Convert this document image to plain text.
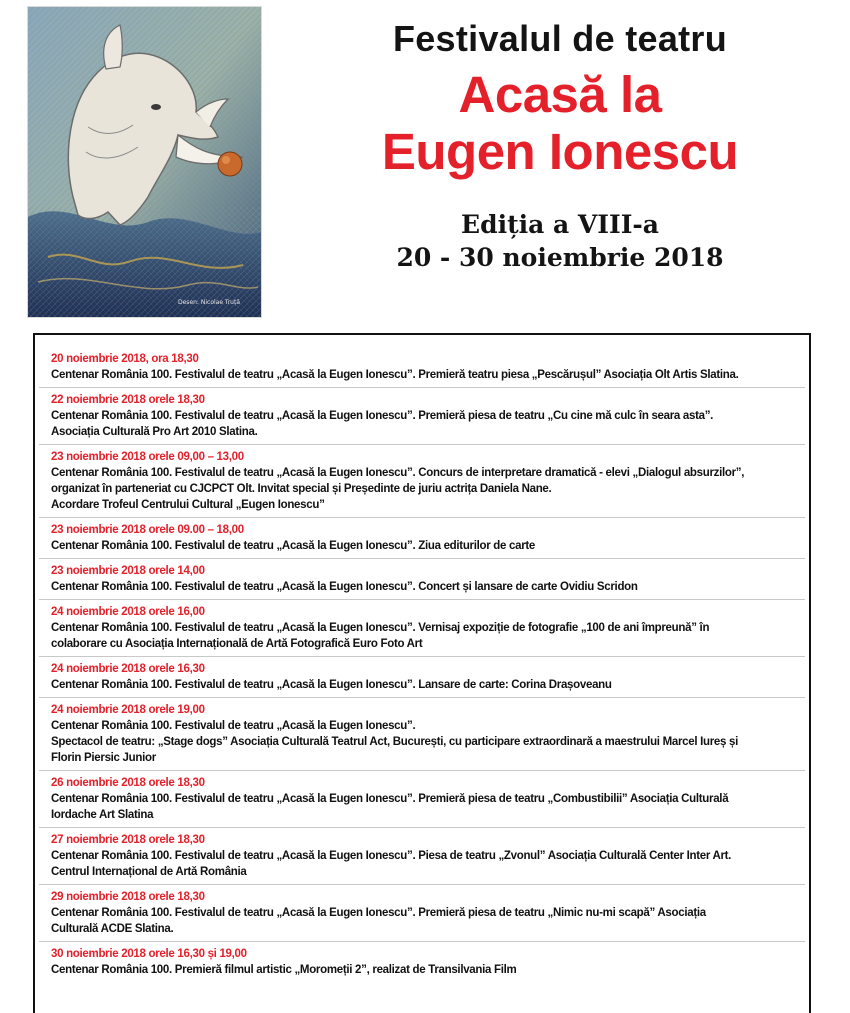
Desen: Nicolae Truță
Festivalul de teatru
Acasă la
Eugen Ionescu
Ediția a VIII-a
20 - 30 noiembrie 2018
20 noiembrie 2018, ora 18,30
Centenar România 100. Festivalul de teatru „Acasă la Eugen Ionescu”. Premieră teatru piesa „Pescărușul” Asociația Olt Artis Slatina.
22 noiembrie 2018 orele 18,30
Centenar România 100. Festivalul de teatru „Acasă la Eugen Ionescu”. Premieră piesa de teatru „Cu cine mă culc în seara asta”.
Asociația Culturală Pro Art 2010 Slatina.
23 noiembrie 2018 orele 09,00 – 13,00
Centenar România 100. Festivalul de teatru „Acasă la Eugen Ionescu”. Concurs de interpretare dramatică - elevi „Dialogul absurzilor”,
organizat în parteneriat cu CJCPCT Olt. Invitat special și Președinte de juriu actrița Daniela Nane.
Acordare Trofeul Centrului Cultural „Eugen Ionescu”
23 noiembrie 2018 orele 09.00 – 18,00
Centenar România 100. Festivalul de teatru „Acasă la Eugen Ionescu”. Ziua editurilor de carte
23 noiembrie 2018 orele 14,00
Centenar România 100. Festivalul de teatru „Acasă la Eugen Ionescu”. Concert și lansare de carte Ovidiu Scridon
24 noiembrie 2018 orele 16,00
Centenar România 100. Festivalul de teatru „Acasă la Eugen Ionescu”. Vernisaj expoziție de fotografie „100 de ani împreună” în
colaborare cu Asociația Internațională de Artă Fotografică Euro Foto Art
24 noiembrie 2018 orele 16,30
Centenar România 100. Festivalul de teatru „Acasă la Eugen Ionescu”. Lansare de carte: Corina Drașoveanu
24 noiembrie 2018 orele 19,00
Centenar România 100. Festivalul de teatru „Acasă la Eugen Ionescu”.
Spectacol de teatru: „Stage dogs” Asociația Culturală Teatrul Act, București, cu participare extraordinară a maestrului Marcel Iureș și
Florin Piersic Junior
26 noiembrie 2018 orele 18,30
Centenar România 100. Festivalul de teatru „Acasă la Eugen Ionescu”. Premieră piesa de teatru „Combustibilii” Asociația Culturală
Iordache Art Slatina
27 noiembrie 2018 orele 18,30
Centenar România 100. Festivalul de teatru „Acasă la Eugen Ionescu”. Piesa de teatru „Zvonul” Asociația Culturală Center Inter Art.
Centrul Internațional de Artă România
29 noiembrie 2018 orele 18,30
Centenar România 100. Festivalul de teatru „Acasă la Eugen Ionescu”. Premieră piesa de teatru „Nimic nu-mi scapă” Asociația
Culturală ACDE Slatina.
30 noiembrie 2018 orele 16,30 și 19,00
Centenar România 100. Premieră filmul artistic „Moromeții 2”, realizat de Transilvania Film
